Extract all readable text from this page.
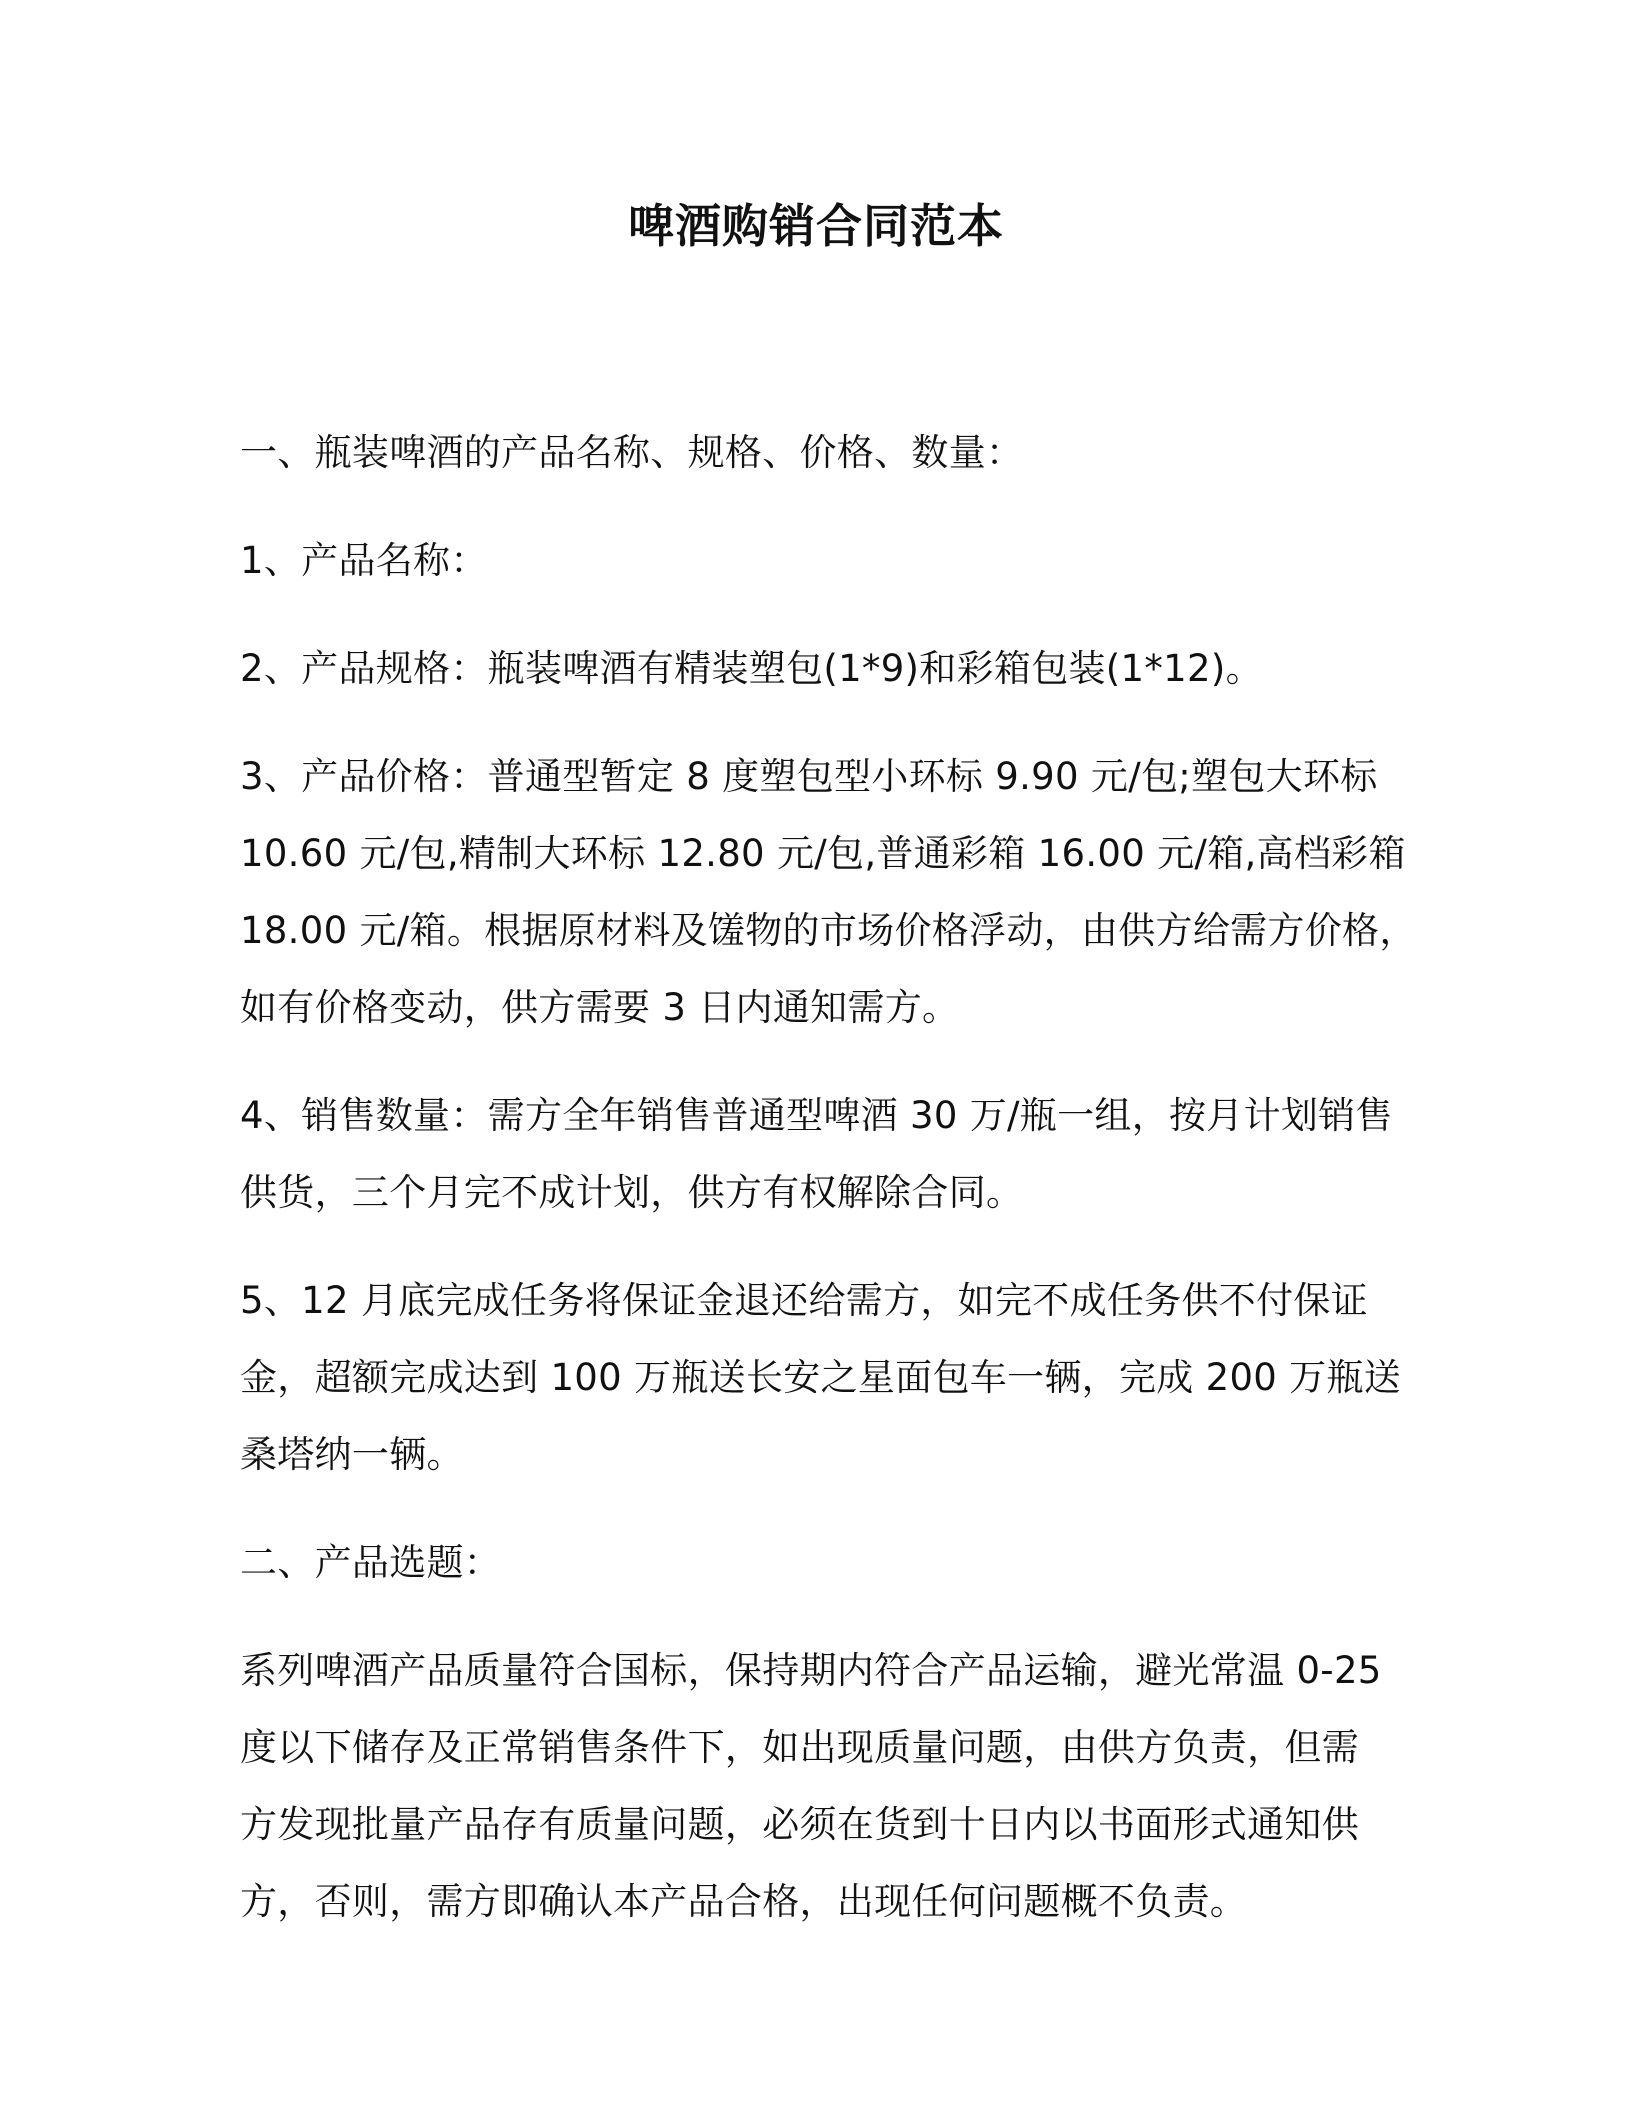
啤酒购销合同范本
一、瓶装啤酒的产品名称、规格、价格、数量：
1、产品名称：
2、产品规格：瓶装啤酒有精装塑包(1*9)和彩箱包装(1*12)。
3、产品价格：普通型暂定 8 度塑包型小环标 9.90 元/包;塑包大环标
10.60 元/包,精制大环标 12.80 元/包,普通彩箱 16.00 元/箱,高档彩箱
18.00 元/箱。根据原材料及馐物的市场价格浮动，由供方给需方价格，
如有价格变动，供方需要 3 日内通知需方。
4、销售数量：需方全年销售普通型啤酒 30 万/瓶一组，按月计划销售
供货，三个月完不成计划，供方有权解除合同。
5、12 月底完成任务将保证金退还给需方，如完不成任务供不付保证
金，超额完成达到 100 万瓶送长安之星面包车一辆，完成 200 万瓶送
桑塔纳一辆。
二、产品选题：
系列啤酒产品质量符合国标，保持期内符合产品运输，避光常温 0-25
度以下储存及正常销售条件下，如出现质量问题，由供方负责，但需
方发现批量产品存有质量问题，必须在货到十日内以书面形式通知供
方，否则，需方即确认本产品合格，出现任何问题概不负责。
